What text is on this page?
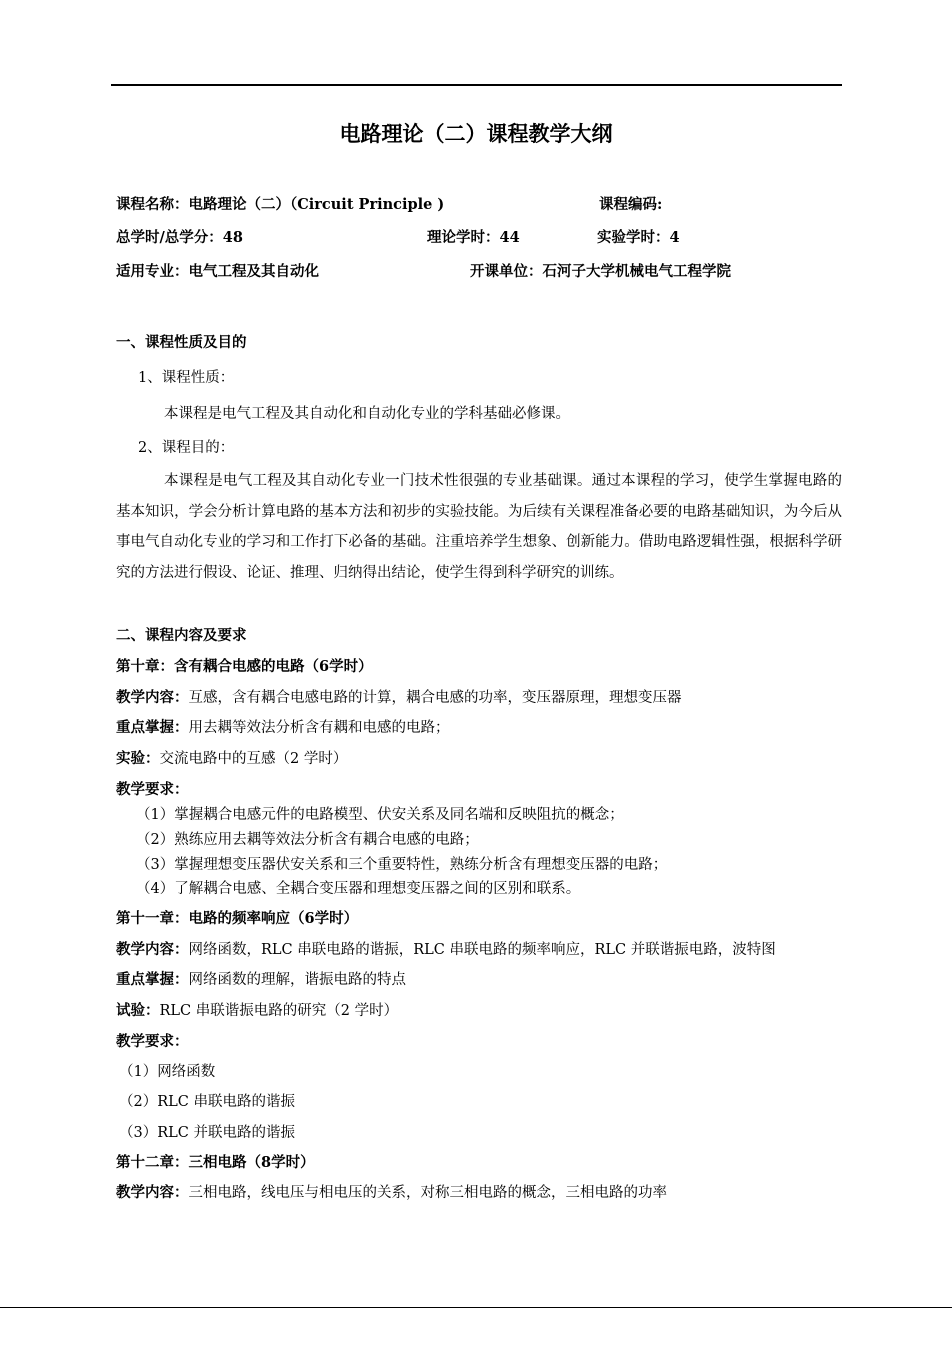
电路理论（二）课程教学大纲
课程名称：电路理论（二）（Circuit Principle )	课程编码:
总学时/总学分：48	理论学时：44	实验学时：4
适用专业：电气工程及其自动化	开课单位：石河子大学机械电气工程学院
一、课程性质及目的
1、课程性质：
本课程是电气工程及其自动化和自动化专业的学科基础必修课。
2、课程目的：
本课程是电气工程及其自动化专业一门技术性很强的专业基础课。通过本课程的学习，使学生掌握电路的基本知识，学会分析计算电路的基本方法和初步的实验技能。为后续有关课程准备必要的电路基础知识，为今后从事电气自动化专业的学习和工作打下必备的基础。注重培养学生想象、创新能力。借助电路逻辑性强，根据科学研究的方法进行假设、论证、推理、归纳得出结论，使学生得到科学研究的训练。
二、课程内容及要求
第十章：含有耦合电感的电路（6学时）
教学内容：互感，含有耦合电感电路的计算，耦合电感的功率，变压器原理，理想变压器
重点掌握：用去耦等效法分析含有耦和电感的电路；
实验：交流电路中的互感（2 学时）
教学要求：
（1）掌握耦合电感元件的电路模型、伏安关系及同名端和反映阻抗的概念；
（2）熟练应用去耦等效法分析含有耦合电感的电路；
（3）掌握理想变压器伏安关系和三个重要特性，熟练分析含有理想变压器的电路；
（4）了解耦合电感、全耦合变压器和理想变压器之间的区别和联系。
第十一章：电路的频率响应（6学时）
教学内容：网络函数，RLC 串联电路的谐振，RLC 串联电路的频率响应，RLC 并联谐振电路，波特图
重点掌握：网络函数的理解，谐振电路的特点
试验：RLC 串联谐振电路的研究（2 学时）
教学要求：
（1）网络函数
（2）RLC 串联电路的谐振
（3）RLC 并联电路的谐振
第十二章：三相电路（8学时）
教学内容：三相电路，线电压与相电压的关系，对称三相电路的概念，三相电路的功率
